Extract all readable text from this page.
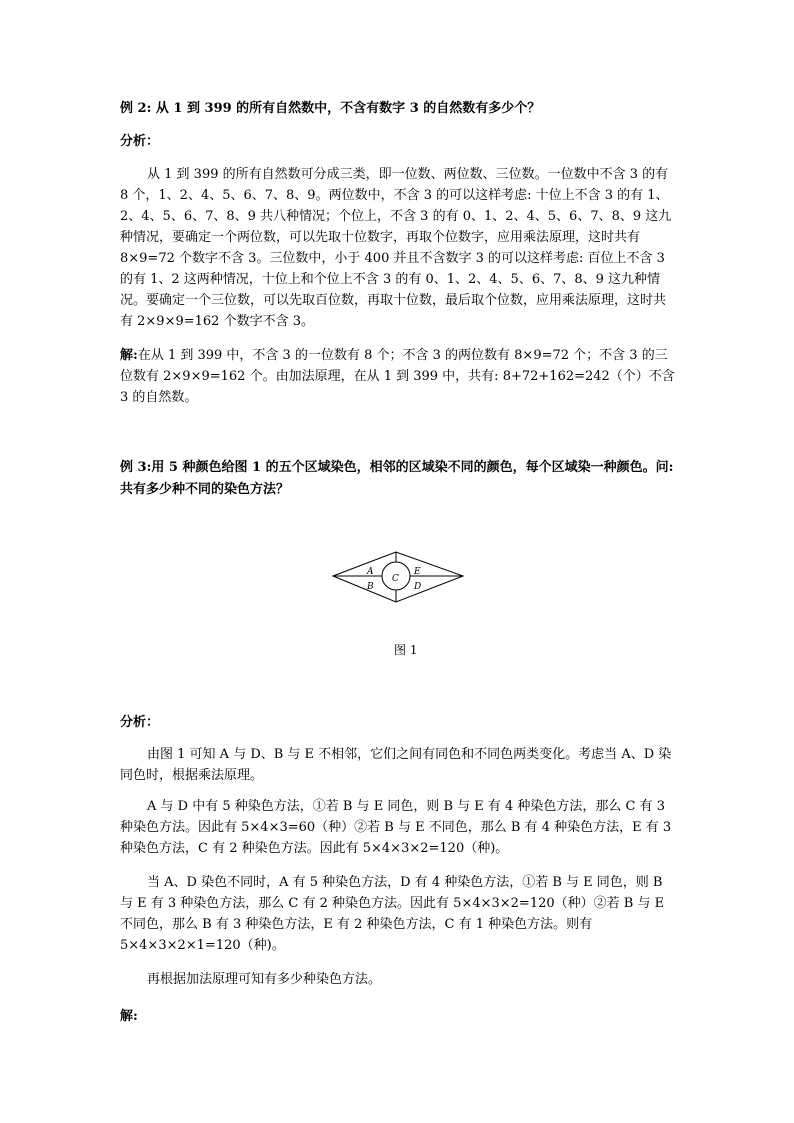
例 2: 从 1 到 399 的所有自然数中，不含有数字 3 的自然数有多少个？
分析：
从 1 到 399 的所有自然数可分成三类，即一位数、两位数、三位数。一位数中不含 3 的有 8 个，1、2、4、5、6、7、8、9。两位数中，不含 3 的可以这样考虑: 十位上不含 3 的有 1、2、4、5、6、7、8、9 共八种情况；个位上，不含 3 的有 0、1、2、4、5、6、7、8、9 这九种情况，要确定一个两位数，可以先取十位数字，再取个位数字，应用乘法原理，这时共有 8×9=72 个数字不含 3。三位数中，小于 400 并且不含数字 3 的可以这样考虑: 百位上不含 3 的有 1、2 这两种情况，十位上和个位上不含 3 的有 0、1、2、4、5、6、7、8、9 这九种情况。要确定一个三位数，可以先取百位数，再取十位数，最后取个位数，应用乘法原理，这时共有 2×9×9=162 个数字不含 3。
解:在从 1 到 399 中，不含 3 的一位数有 8 个；不含 3 的两位数有 8×9=72 个；不含 3 的三位数有 2×9×9=162 个。由加法原理，在从 1 到 399 中，共有: 8+72+162=242（个）不含 3 的自然数。
例 3:用 5 种颜色给图 1 的五个区域染色，相邻的区域染不同的颜色，每个区域染一种颜色。问: 共有多少种不同的染色方法？
A
B
C
E
D
图 1
分析：
由图 1 可知 A 与 D、B 与 E 不相邻，它们之间有同色和不同色两类变化。考虑当 A、D 染同色时，根据乘法原理。
A 与 D 中有 5 种染色方法，①若 B 与 E 同色，则 B 与 E 有 4 种染色方法，那么 C 有 3 种染色方法。因此有 5×4×3=60（种）②若 B 与 E 不同色，那么 B 有 4 种染色方法，E 有 3 种染色方法，C 有 2 种染色方法。因此有 5×4×3×2=120（种)。
当 A、D 染色不同时，A 有 5 种染色方法，D 有 4 种染色方法，①若 B 与 E 同色，则 B 与 E 有 3 种染色方法，那么 C 有 2 种染色方法。因此有 5×4×3×2=120（种）②若 B 与 E 不同色，那么 B 有 3 种染色方法，E 有 2 种染色方法，C 有 1 种染色方法。则有 5×4×3×2×1=120（种)。
再根据加法原理可知有多少种染色方法。
解:
